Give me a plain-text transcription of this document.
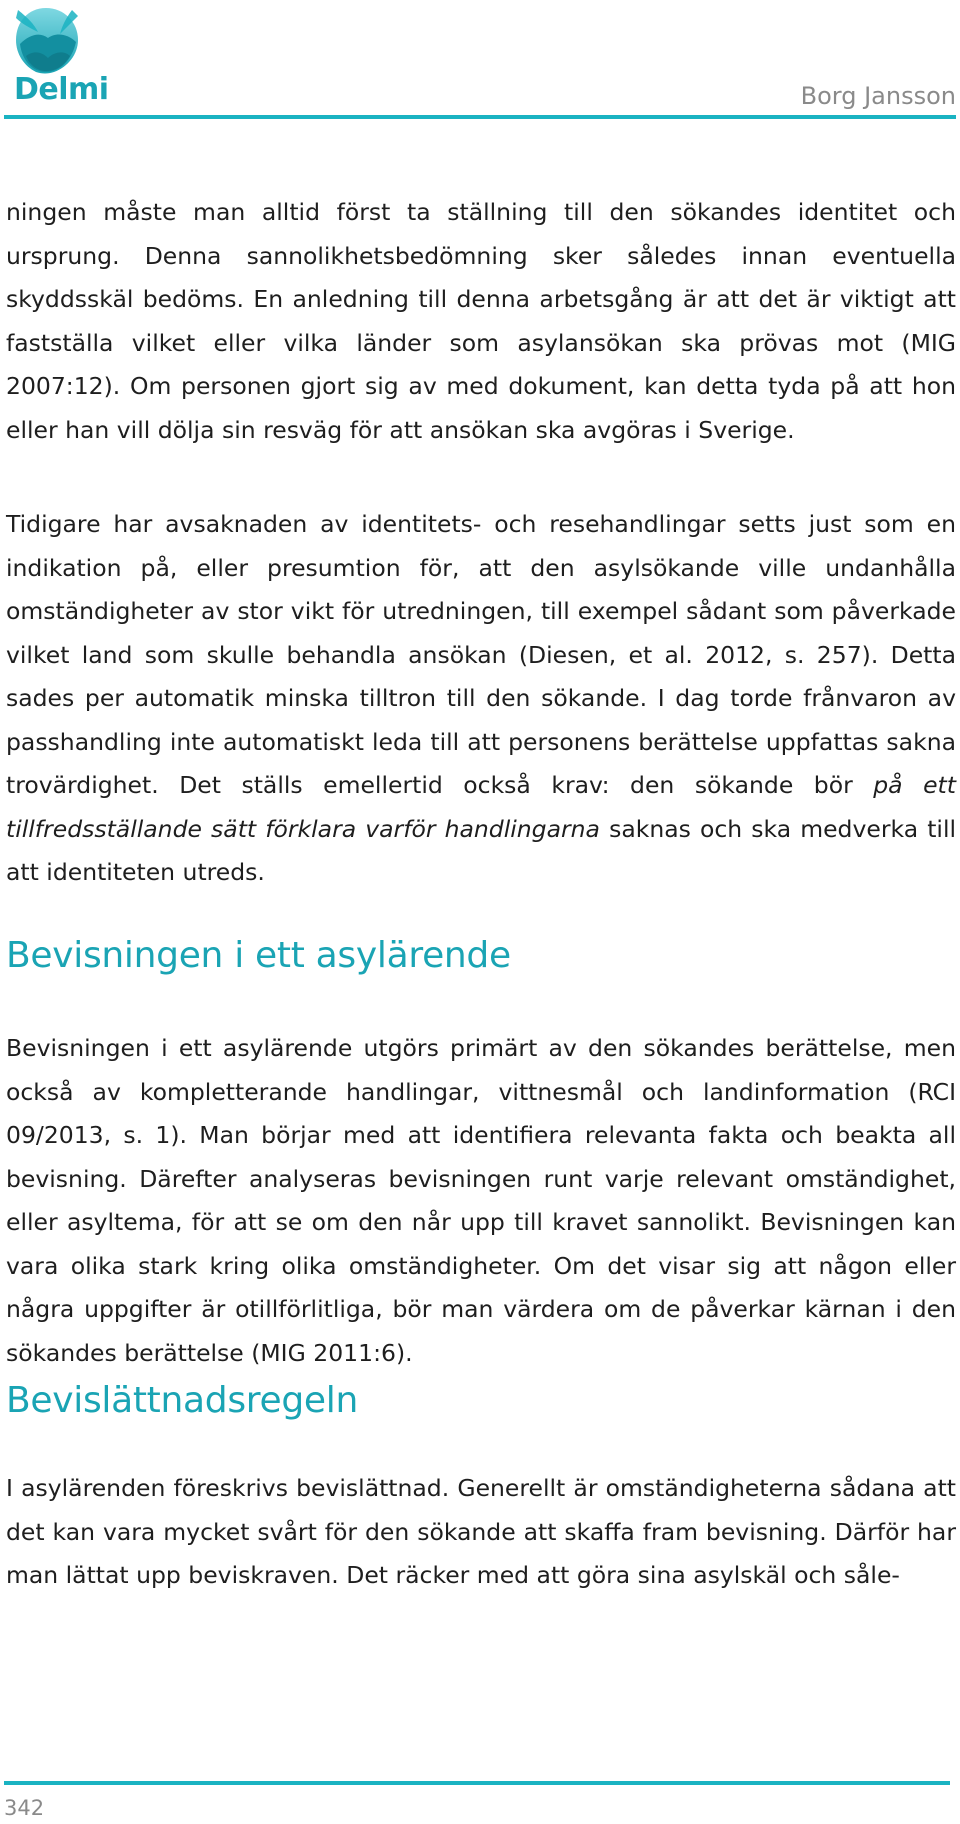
Delmi	Borg Jansson

ningen måste man alltid först ta ställning till den sökandes identitet och ursprung. Denna sannolikhetsbedömning sker således innan eventuella skyddsskäl bedöms. En anledning till denna arbetsgång är att det är viktigt att fastställa vilket eller vilka länder som asylansökan ska prövas mot (MIG 2007:12). Om personen gjort sig av med dokument, kan detta tyda på att hon eller han vill dölja sin resväg för att ansökan ska avgöras i Sverige.

Tidigare har avsaknaden av identitets- och resehandlingar setts just som en indikation på, eller presumtion för, att den asylsökande ville undanhålla omständigheter av stor vikt för utredningen, till exempel sådant som påverkade vilket land som skulle behandla ansökan (Diesen, et al. 2012, s. 257). Detta sades per automatik minska tilltron till den sökande. I dag torde frånvaron av passhandling inte automatiskt leda till att personens berättelse uppfattas sakna trovärdighet. Det ställs emellertid också krav: den sökande bör på ett tillfredsställande sätt förklara varför handlingarna saknas och ska medverka till att identiteten utreds.

Bevisningen i ett asylärende

Bevisningen i ett asylärende utgörs primärt av den sökandes berättelse, men också av kompletterande handlingar, vittnesmål och landinformation (RCI 09/2013, s. 1). Man börjar med att identifiera relevanta fakta och beakta all bevisning. Därefter analyseras bevisningen runt varje relevant omständighet, eller asyltema, för att se om den når upp till kravet sannolikt. Bevisningen kan vara olika stark kring olika omständigheter. Om det visar sig att någon eller några uppgifter är otillförlitliga, bör man värdera om de påverkar kärnan i den sökandes berättelse (MIG 2011:6).

Bevislättnadsregeln

I asylärenden föreskrivs bevislättnad. Generellt är omständigheterna sådana att det kan vara mycket svårt för den sökande att skaffa fram bevisning. Därför har man lättat upp beviskraven. Det räcker med att göra sina asylskäl och såle-

342
